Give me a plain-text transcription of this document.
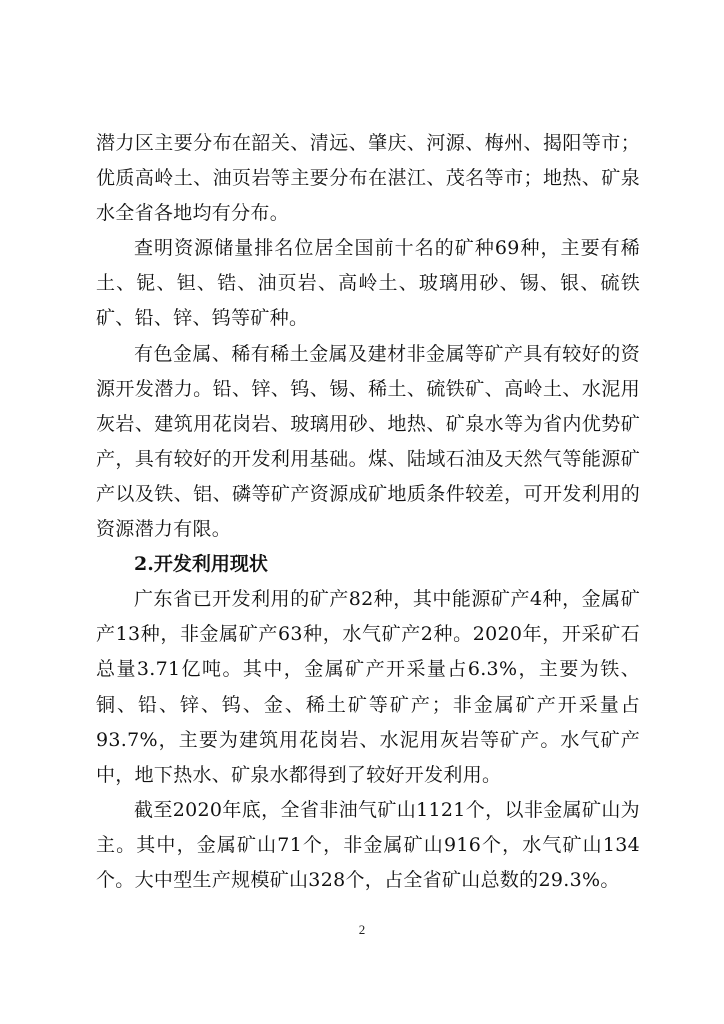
潜力区主要分布在韶关、清远、肇庆、河源、梅州、揭阳等市；优质高岭土、油页岩等主要分布在湛江、茂名等市；地热、矿泉水全省各地均有分布。

查明资源储量排名位居全国前十名的矿种69种，主要有稀土、铌、钽、锆、油页岩、高岭土、玻璃用砂、锡、银、硫铁矿、铅、锌、钨等矿种。

有色金属、稀有稀土金属及建材非金属等矿产具有较好的资源开发潜力。铅、锌、钨、锡、稀土、硫铁矿、高岭土、水泥用灰岩、建筑用花岗岩、玻璃用砂、地热、矿泉水等为省内优势矿产，具有较好的开发利用基础。煤、陆域石油及天然气等能源矿产以及铁、铝、磷等矿产资源成矿地质条件较差，可开发利用的资源潜力有限。

2.开发利用现状

广东省已开发利用的矿产82种，其中能源矿产4种，金属矿产13种，非金属矿产63种，水气矿产2种。2020年，开采矿石总量3.71亿吨。其中，金属矿产开采量占6.3%，主要为铁、铜、铅、锌、钨、金、稀土矿等矿产；非金属矿产开采量占93.7%，主要为建筑用花岗岩、水泥用灰岩等矿产。水气矿产中，地下热水、矿泉水都得到了较好开发利用。

截至2020年底，全省非油气矿山1121个，以非金属矿山为主。其中，金属矿山71个，非金属矿山916个，水气矿山134个。大中型生产规模矿山328个，占全省矿山总数的29.3%。

2
